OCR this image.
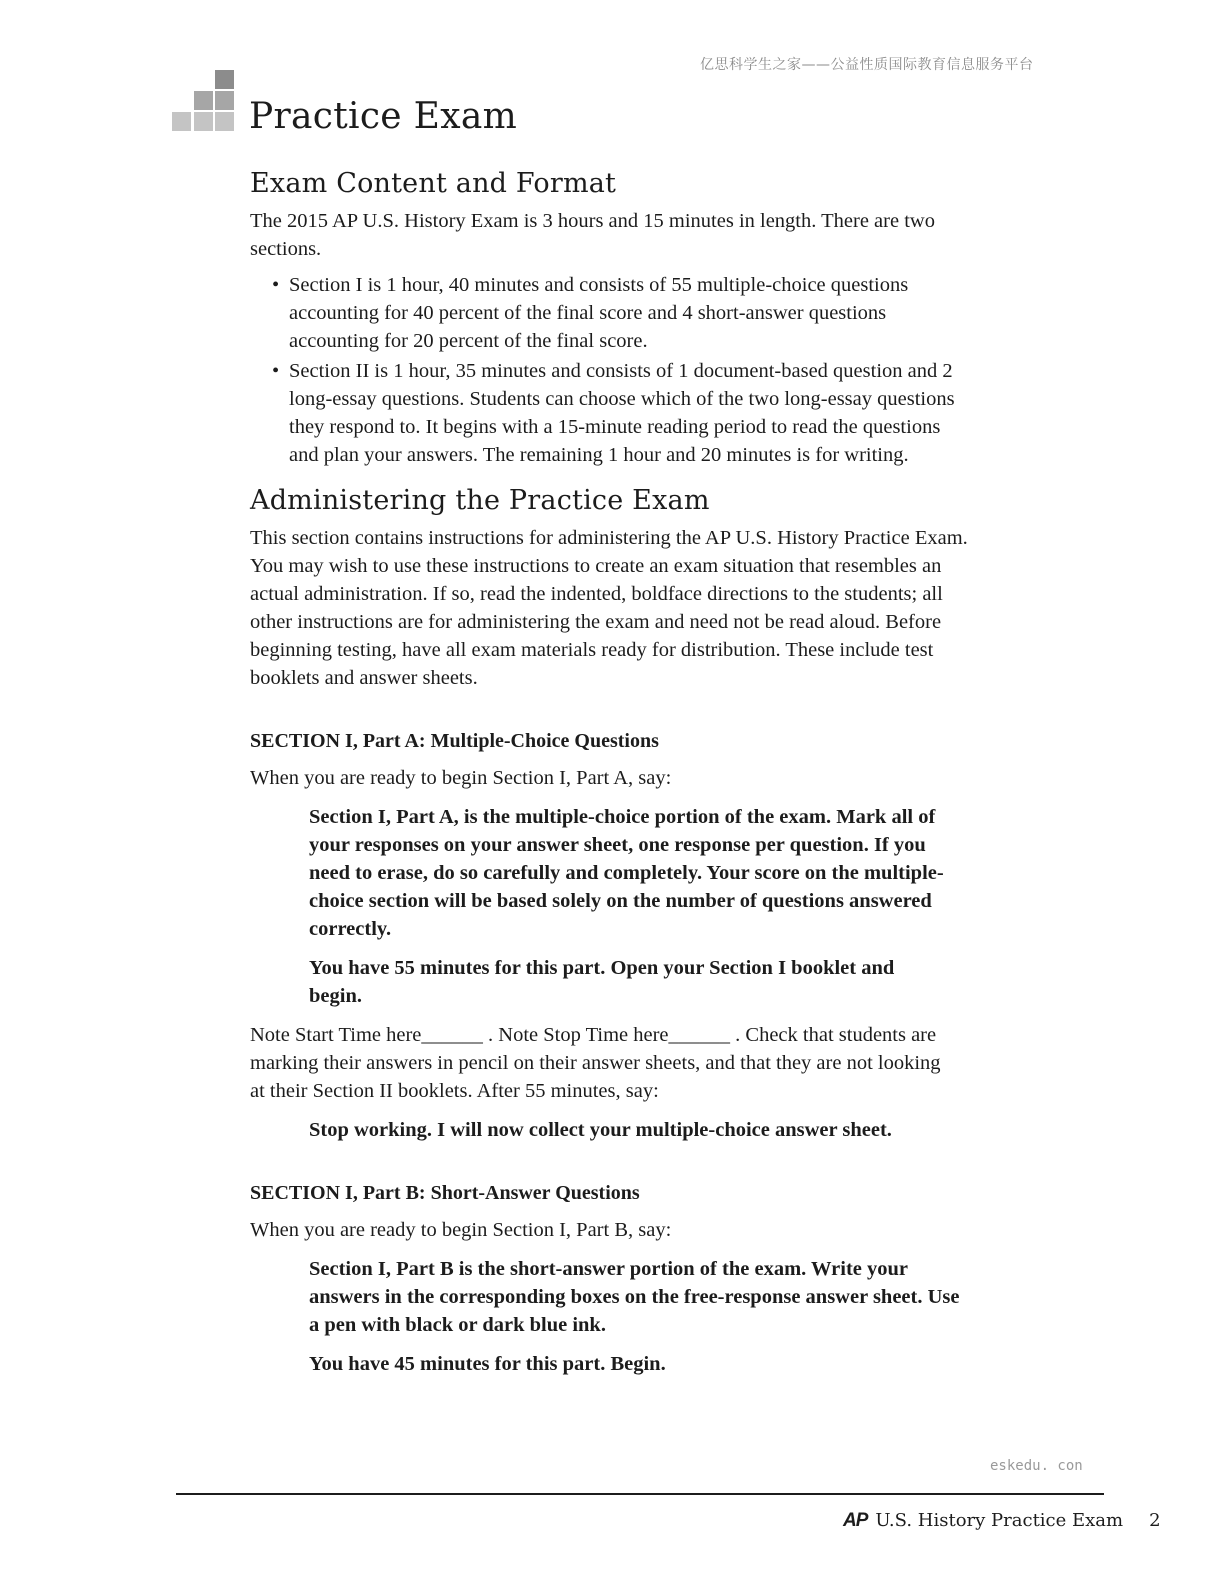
亿思科学生之家——公益性质国际教育信息服务平台
Practice Exam
Exam Content and Format

The 2015 AP U.S. History Exam is 3 hours and 15 minutes in length. There are two sections.

• Section I is 1 hour, 40 minutes and consists of 55 multiple-choice questions accounting for 40 percent of the final score and 4 short-answer questions accounting for 20 percent of the final score.
• Section II is 1 hour, 35 minutes and consists of 1 document-based question and 2 long-essay questions. Students can choose which of the two long-essay questions they respond to. It begins with a 15-minute reading period to read the questions and plan your answers. The remaining 1 hour and 20 minutes is for writing.
Administering the Practice Exam

This section contains instructions for administering the AP U.S. History Practice Exam. You may wish to use these instructions to create an exam situation that resembles an actual administration. If so, read the indented, boldface directions to the students; all other instructions are for administering the exam and need not be read aloud. Before beginning testing, have all exam materials ready for distribution. These include test booklets and answer sheets.

SECTION I, Part A: Multiple-Choice Questions

When you are ready to begin Section I, Part A, say:

Section I, Part A, is the multiple-choice portion of the exam. Mark all of your responses on your answer sheet, one response per question. If you need to erase, do so carefully and completely. Your score on the multiple-choice section will be based solely on the number of questions answered correctly.

You have 55 minutes for this part. Open your Section I booklet and begin.

Note Start Time here______ . Note Stop Time here______ . Check that students are marking their answers in pencil on their answer sheets, and that they are not looking at their Section II booklets. After 55 minutes, say:

Stop working. I will now collect your multiple-choice answer sheet.

SECTION I, Part B: Short-Answer Questions

When you are ready to begin Section I, Part B, say:

Section I, Part B is the short-answer portion of the exam. Write your answers in the corresponding boxes on the free-response answer sheet. Use a pen with black or dark blue ink.

You have 45 minutes for this part. Begin.

eskedu. con
AP U.S. History Practice Exam 2
